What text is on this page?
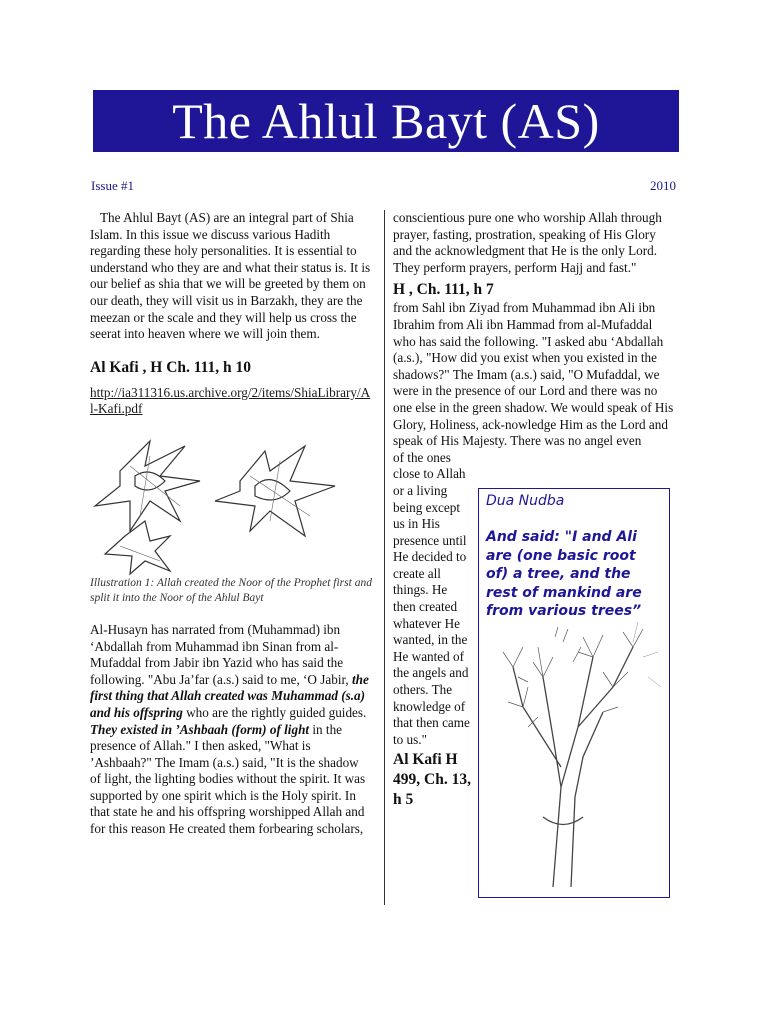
The Ahlul Bayt (AS)
Issue #1	2010

The Ahlul Bayt (AS) are an integral part of Shia Islam. In this issue we discuss various Hadith regarding these holy personalities. It is essential to understand who they are and what their status is. It is our belief as shia that we will be greeted by them on our death, they will visit us in Barzakh, they are the meezan or the scale and they will help us cross the seerat into heaven where we will join them.

Al Kafi , H Ch. 111, h 10

http://ia311316.us.archive.org/2/items/ShiaLibrary/Al-Kafi.pdf

Illustration 1: Allah created the Noor of the Prophet first and split it into the Noor of the Ahlul Bayt

Al-Husayn has narrated from (Muhammad) ibn ‘Abdallah from Muhammad ibn Sinan from al-Mufaddal from Jabir ibn Yazid who has said the following. "Abu Ja’far (a.s.) said to me, ‘O Jabir, the first thing that Allah created was Muhammad (s.a) and his offspring who are the rightly guided guides. They existed in ’Ashbaah (form) of light in the presence of Allah." I then asked, "What is ’Ashbaah?" The Imam (a.s.) said, "It is the shadow of light, the lighting bodies without the spirit. It was supported by one spirit which is the Holy spirit. In that state he and his offspring worshipped Allah and for this reason He created them forbearing scholars,

conscientious pure one who worship Allah through prayer, fasting, prostration, speaking of His Glory and the acknowledgment that He is the only Lord. They perform prayers, perform Hajj and fast."

H , Ch. 111, h 7

from Sahl ibn Ziyad from Muhammad ibn Ali ibn Ibrahim from Ali ibn Hammad from al-Mufaddal who has said the following. "I asked abu ‘Abdallah (a.s.), "How did you exist when you existed in the shadows?" The Imam (a.s.) said, "O Mufaddal, we were in the presence of our Lord and there was no one else in the green shadow. We would speak of His Glory, Holiness, ack-nowledge Him as the Lord and speak of His Majesty. There was no angel even

of the ones close to Allah or a living being except us in His presence until He decided to create all things. He then created whatever He wanted, in the He wanted of the angels and others. The knowledge of that then came to us."

Al Kafi H 499, Ch. 13, h 5

Dua Nudba
And said: "I and Ali are (one basic root of) a tree, and the rest of mankind are from various trees”
